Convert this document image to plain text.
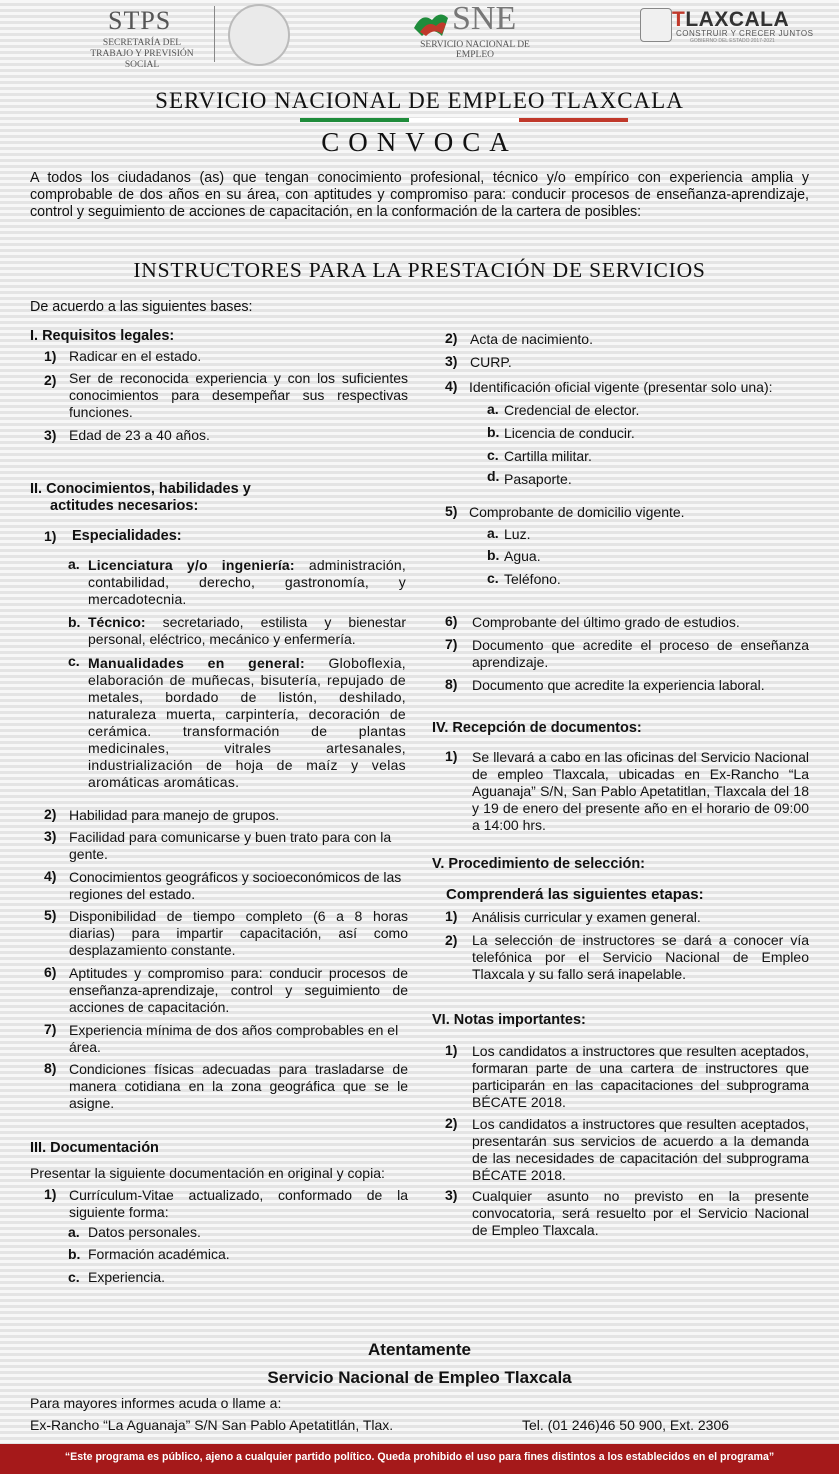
STPS
SECRETARÍA DEL TRABAJO Y PREVISIÓN SOCIAL
SNE
SERVICIO NACIONAL DE EMPLEO
TLAXCALA
CONSTRUIR Y CRECER JUNTOS
GOBIERNO DEL ESTADO 2017-2021
SERVICIO NACIONAL DE EMPLEO TLAXCALA
CONVOCA
A todos los ciudadanos (as) que tengan conocimiento profesional, técnico y/o empírico con experiencia amplia y comprobable de dos años en su área, con aptitudes y compromiso para: conducir procesos de enseñanza-aprendizaje, control y seguimiento de acciones de capacitación, en la conformación de la cartera de posibles:
INSTRUCTORES PARA LA PRESTACIÓN DE SERVICIOS
De acuerdo a las siguientes bases:
I. Requisitos legales:
1) Radicar en el estado.
2) Ser de reconocida experiencia y con los suficientes conocimientos para desempeñar sus respectivas funciones.
3) Edad de 23 a 40 años.
II. Conocimientos, habilidades y
actitudes necesarios:
1) Especialidades:
a. Licenciatura y/o ingeniería: administración, contabilidad, derecho, gastronomía, y mercadotecnia.
b. Técnico: secretariado, estilista y bienestar personal, eléctrico, mecánico y enfermería.
c. Manualidades en general: Globoflexia, elaboración de muñecas, bisutería, repujado de metales, bordado de listón, deshilado, naturaleza muerta, carpintería, decoración de cerámica. transformación de plantas medicinales, vitrales artesanales, industrialización de hoja de maíz y velas aromáticas aromáticas.
2) Habilidad para manejo de grupos.
3) Facilidad para comunicarse y buen trato para con la gente.
4) Conocimientos geográficos y socioeconómicos de las regiones del estado.
5) Disponibilidad de tiempo completo (6 a 8 horas diarias) para impartir capacitación, así como desplazamiento constante.
6) Aptitudes y compromiso para: conducir procesos de enseñanza-aprendizaje, control y seguimiento de acciones de capacitación.
7) Experiencia mínima de dos años comprobables en el área.
8) Condiciones físicas adecuadas para trasladarse de manera cotidiana en la zona geográfica que se le asigne.
III. Documentación
Presentar la siguiente documentación en original y copia:
1) Currículum-Vitae actualizado, conformado de la siguiente forma:
a. Datos personales.
b. Formación académica.
c. Experiencia.
2) Acta de nacimiento.
3) CURP.
4) Identificación oficial vigente (presentar solo una):
a. Credencial de elector.
b. Licencia de conducir.
c. Cartilla militar.
d. Pasaporte.
5) Comprobante de domicilio vigente.
a. Luz.
b. Agua.
c. Teléfono.
6) Comprobante del último grado de estudios.
7) Documento que acredite el proceso de enseñanza aprendizaje.
8) Documento que acredite la experiencia laboral.
IV. Recepción de documentos:
1) Se llevará a cabo en las oficinas del Servicio Nacional de empleo Tlaxcala, ubicadas en Ex-Rancho “La Aguanaja” S/N, San Pablo Apetatitlan, Tlaxcala del 18 y 19 de enero del presente año en el horario de 09:00 a 14:00 hrs.
V. Procedimiento de selección:
Comprenderá las siguientes etapas:
1) Análisis curricular y examen general.
2) La selección de instructores se dará a conocer vía telefónica por el Servicio Nacional de Empleo Tlaxcala y su fallo será inapelable.
VI. Notas importantes:
1) Los candidatos a instructores que resulten aceptados, formaran parte de una cartera de instructores que participarán en las capacitaciones del subprograma BÉCATE 2018.
2) Los candidatos a instructores que resulten aceptados, presentarán sus servicios de acuerdo a la demanda de las necesidades de capacitación del subprograma BÉCATE 2018.
3) Cualquier asunto no previsto en la presente convocatoria, será resuelto por el Servicio Nacional de Empleo Tlaxcala.
Atentamente
Servicio Nacional de Empleo Tlaxcala
Para mayores informes acuda o llame a:
Ex-Rancho “La Aguanaja” S/N San Pablo Apetatitlán, Tlax.	Tel. (01 246)46 50 900, Ext. 2306
“Este programa es público, ajeno a cualquier partido político. Queda prohibido el uso para fines distintos a los establecidos en el programa”
